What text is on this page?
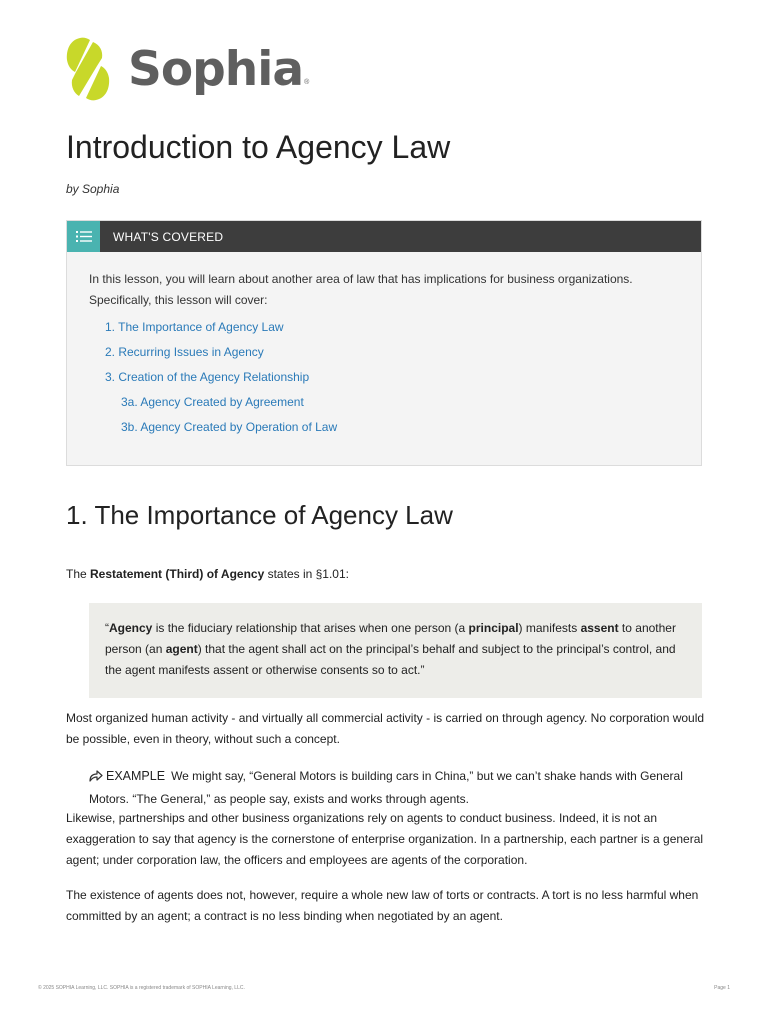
Sophia ®
Introduction to Agency Law
by Sophia
WHAT'S COVERED

In this lesson, you will learn about another area of law that has implications for business organizations. Specifically, this lesson will cover:

1. The Importance of Agency Law
2. Recurring Issues in Agency
3. Creation of the Agency Relationship
3a. Agency Created by Agreement
3b. Agency Created by Operation of Law
1. The Importance of Agency Law

The Restatement (Third) of Agency states in §1.01:

“Agency is the fiduciary relationship that arises when one person (a principal) manifests assent to another person (an agent) that the agent shall act on the principal’s behalf and subject to the principal’s control, and the agent manifests assent or otherwise consents so to act.”

Most organized human activity - and virtually all commercial activity - is carried on through agency. No corporation would be possible, even in theory, without such a concept.

EXAMPLE We might say, “General Motors is building cars in China,” but we can’t shake hands with General Motors. “The General,” as people say, exists and works through agents.

Likewise, partnerships and other business organizations rely on agents to conduct business. Indeed, it is not an exaggeration to say that agency is the cornerstone of enterprise organization. In a partnership, each partner is a general agent; under corporation law, the officers and employees are agents of the corporation.

The existence of agents does not, however, require a whole new law of torts or contracts. A tort is no less harmful when committed by an agent; a contract is no less binding when negotiated by an agent.

© 2025 SOPHIA Learning, LLC. SOPHIA is a registered trademark of SOPHIA Learning, LLC.	Page 1
